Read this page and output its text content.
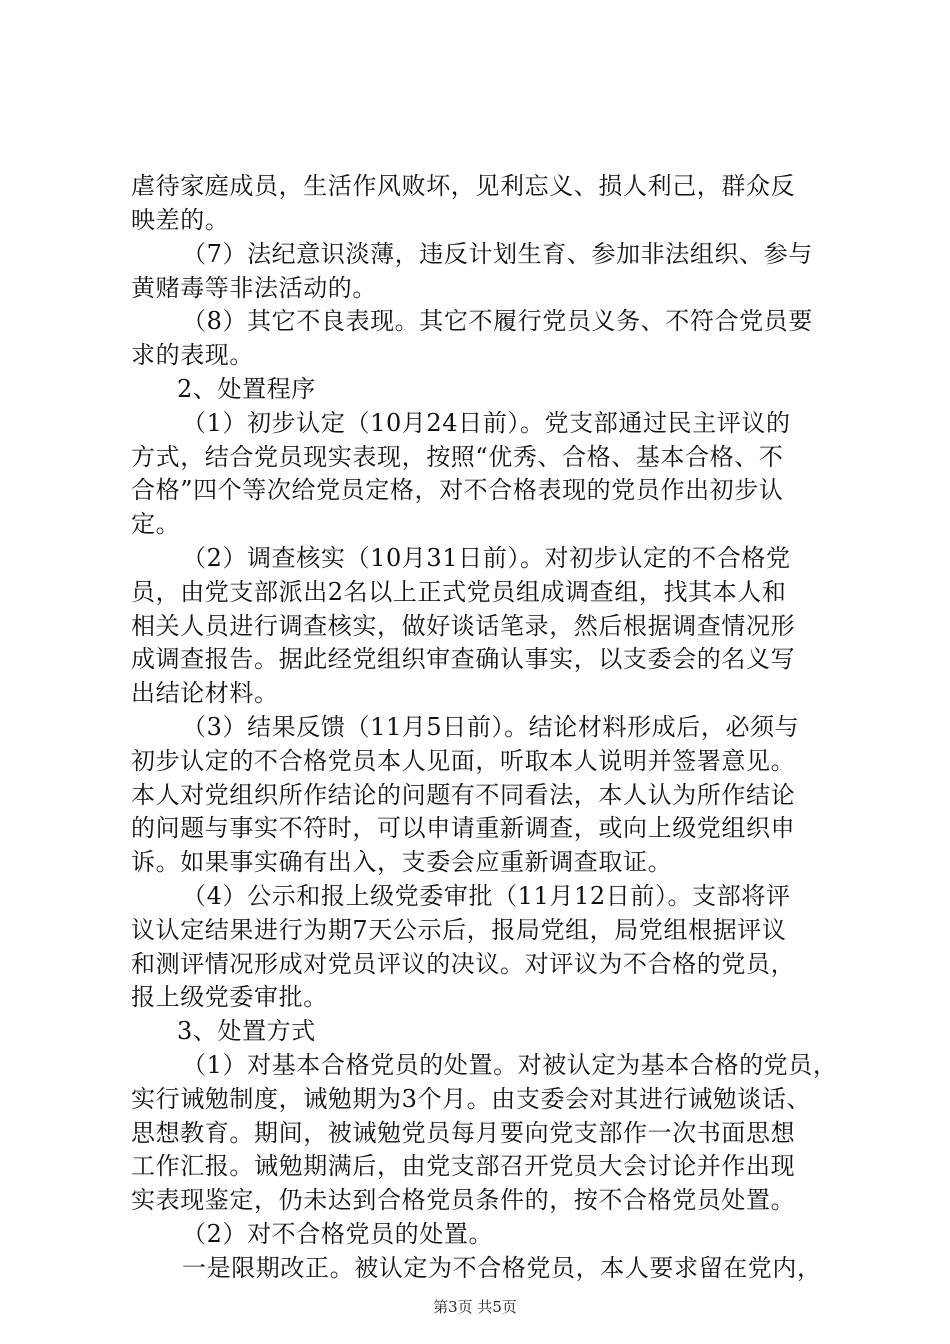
虐待家庭成员，生活作风败坏，见利忘义、损人利己，群众反

映差的。

（7）法纪意识淡薄，违反计划生育、参加非法组织、参与

黄赌毒等非法活动的。

（8）其它不良表现。其它不履行党员义务、不符合党员要

求的表现。

2、处置程序

（1）初步认定（10月24日前）。党支部通过民主评议的

方式，结合党员现实表现，按照“优秀、合格、基本合格、不

合格”四个等次给党员定格，对不合格表现的党员作出初步认

定。

（2）调查核实（10月31日前）。对初步认定的不合格党

员，由党支部派出2名以上正式党员组成调查组，找其本人和

相关人员进行调查核实，做好谈话笔录，然后根据调查情况形

成调查报告。据此经党组织审查确认事实，以支委会的名义写

出结论材料。

（3）结果反馈（11月5日前）。结论材料形成后，必须与

初步认定的不合格党员本人见面，听取本人说明并签署意见。

本人对党组织所作结论的问题有不同看法，本人认为所作结论

的问题与事实不符时，可以申请重新调查，或向上级党组织申

诉。如果事实确有出入，支委会应重新调查取证。

（4）公示和报上级党委审批（11月12日前）。支部将评

议认定结果进行为期7天公示后，报局党组，局党组根据评议

和测评情况形成对党员评议的决议。对评议为不合格的党员，

报上级党委审批。

3、处置方式

（1）对基本合格党员的处置。对被认定为基本合格的党员，

实行诫勉制度，诫勉期为3个月。由支委会对其进行诫勉谈话、

思想教育。期间，被诫勉党员每月要向党支部作一次书面思想

工作汇报。诫勉期满后，由党支部召开党员大会讨论并作出现

实表现鉴定，仍未达到合格党员条件的，按不合格党员处置。

（2）对不合格党员的处置。

一是限期改正。被认定为不合格党员，本人要求留在党内，

第3页 共5页
